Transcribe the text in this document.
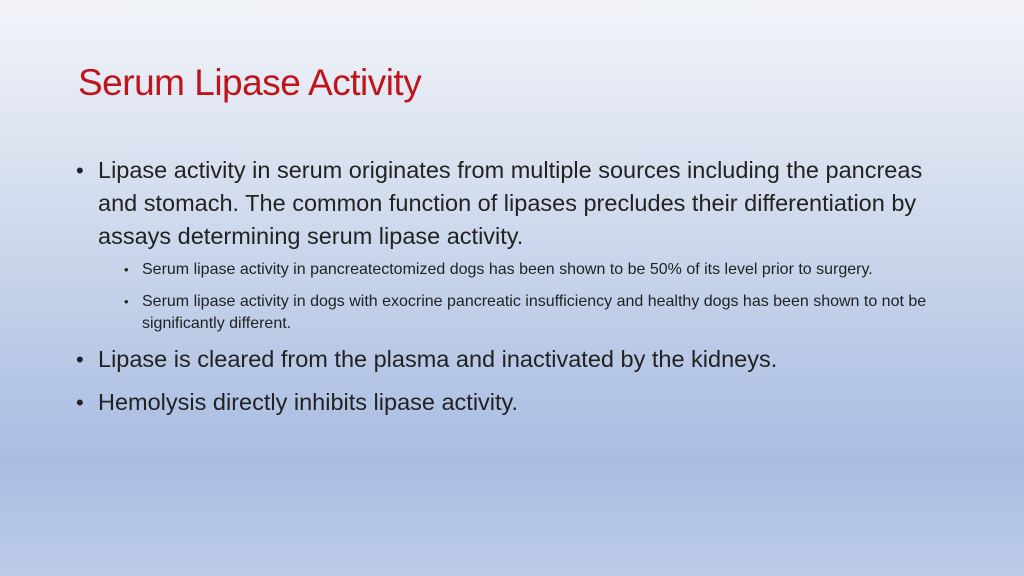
Serum Lipase Activity
• Lipase activity in serum originates from multiple sources including the pancreas and stomach. The common function of lipases precludes their differentiation by assays determining serum lipase activity.
• Serum lipase activity in pancreatectomized dogs has been shown to be 50% of its level prior to surgery.
• Serum lipase activity in dogs with exocrine pancreatic insufficiency and healthy dogs has been shown to not be significantly different.
• Lipase is cleared from the plasma and inactivated by the kidneys.
• Hemolysis directly inhibits lipase activity.
